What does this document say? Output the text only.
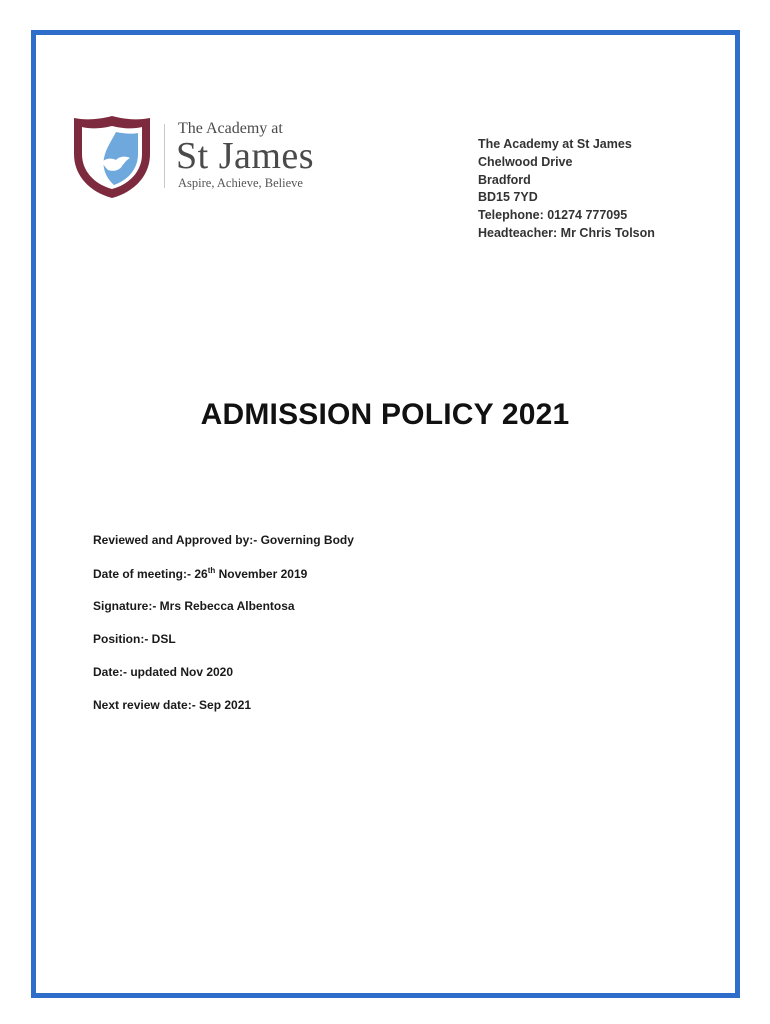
The Academy at
St James
Aspire, Achieve, Believe
The Academy at St James
Chelwood Drive
Bradford
BD15 7YD
Telephone: 01274 777095
Headteacher: Mr Chris Tolson
ADMISSION POLICY 2021
Reviewed and Approved by:- Governing Body
Date of meeting:- 26th November 2019
Signature:- Mrs Rebecca Albentosa
Position:- DSL
Date:- updated Nov 2020
Next review date:- Sep 2021
